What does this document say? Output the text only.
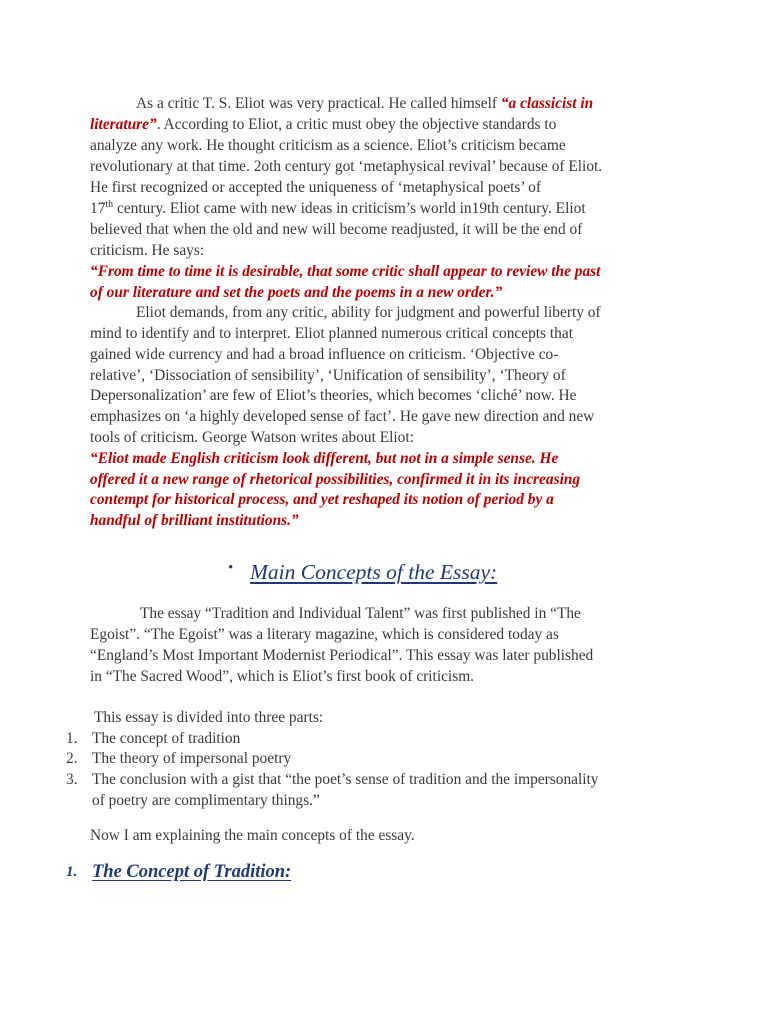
As a critic T. S. Eliot was very practical. He called himself “a classicist in
literature”. According to Eliot, a critic must obey the objective standards to
analyze any work. He thought criticism as a science. Eliot’s criticism became
revolutionary at that time. 2oth century got ‘metaphysical revival’ because of Eliot.
He first recognized or accepted the uniqueness of ‘metaphysical poets’ of
17th century. Eliot came with new ideas in criticism’s world in19th century. Eliot
believed that when the old and new will become readjusted, it will be the end of
criticism. He says:
“From time to time it is desirable, that some critic shall appear to review the past
of our literature and set the poets and the poems in a new order.”
Eliot demands, from any critic, ability for judgment and powerful liberty of
mind to identify and to interpret. Eliot planned numerous critical concepts that
gained wide currency and had a broad influence on criticism. ‘Objective co-
relative’, ‘Dissociation of sensibility’, ‘Unification of sensibility’, ‘Theory of
Depersonalization’ are few of Eliot’s theories, which becomes ‘cliché’ now. He
emphasizes on ‘a highly developed sense of fact’. He gave new direction and new
tools of criticism. George Watson writes about Eliot:
“Eliot made English criticism look different, but not in a simple sense. He
offered it a new range of rhetorical possibilities, confirmed it in its increasing
contempt for historical process, and yet reshaped its notion of period by a
handful of brilliant institutions.”
• Main Concepts of the Essay:
The essay “Tradition and Individual Talent” was first published in “The
Egoist”. “The Egoist” was a literary magazine, which is considered today as
“England’s Most Important Modernist Periodical”. This essay was later published
in “The Sacred Wood”, which is Eliot’s first book of criticism.
This essay is divided into three parts:
1. The concept of tradition
2. The theory of impersonal poetry
3. The conclusion with a gist that “the poet’s sense of tradition and the impersonality
of poetry are complimentary things.”
Now I am explaining the main concepts of the essay.
1. The Concept of Tradition:
